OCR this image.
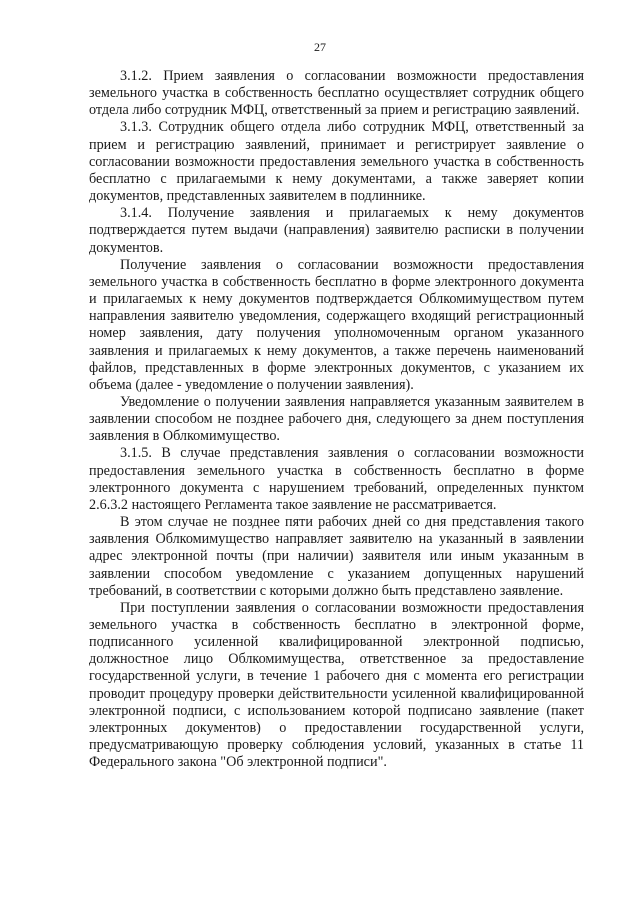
27

3.1.2. Прием заявления о согласовании возможности предоставления земельного участка в собственность бесплатно осуществляет сотрудник общего отдела либо сотрудник МФЦ, ответственный за прием и регистрацию заявлений.

3.1.3. Сотрудник общего отдела либо сотрудник МФЦ, ответственный за прием и регистрацию заявлений, принимает и регистрирует заявление о согласовании возможности предоставления земельного участка в собственность бесплатно с прилагаемыми к нему документами, а также заверяет копии документов, представленных заявителем в подлиннике.

3.1.4. Получение заявления и прилагаемых к нему документов подтверждается путем выдачи (направления) заявителю расписки в получении документов.

Получение заявления о согласовании возможности предоставления земельного участка в собственность бесплатно в форме электронного документа и прилагаемых к нему документов подтверждается Облкомимуществом путем направления заявителю уведомления, содержащего входящий регистрационный номер заявления, дату получения уполномоченным органом указанного заявления и прилагаемых к нему документов, а также перечень наименований файлов, представленных в форме электронных документов, с указанием их объема (далее - уведомление о получении заявления).

Уведомление о получении заявления направляется указанным заявителем в заявлении способом не позднее рабочего дня, следующего за днем поступления заявления в Облкомимущество.

3.1.5. В случае представления заявления о согласовании возможности предоставления земельного участка в собственность бесплатно в форме электронного документа с нарушением требований, определенных пунктом 2.6.3.2 настоящего Регламента такое заявление не рассматривается.

В этом случае не позднее пяти рабочих дней со дня представления такого заявления Облкомимущество направляет заявителю на указанный в заявлении адрес электронной почты (при наличии) заявителя или иным указанным в заявлении способом уведомление с указанием допущенных нарушений требований, в соответствии с которыми должно быть представлено заявление.

При поступлении заявления о согласовании возможности предоставления земельного участка в собственность бесплатно в электронной форме, подписанного усиленной квалифицированной электронной подписью, должностное лицо Облкомимущества, ответственное за предоставление государственной услуги, в течение 1 рабочего дня с момента его регистрации проводит процедуру проверки действительности усиленной квалифицированной электронной подписи, с использованием которой подписано заявление (пакет электронных документов) о предоставлении государственной услуги, предусматривающую проверку соблюдения условий, указанных в статье 11 Федерального закона "Об электронной подписи".
